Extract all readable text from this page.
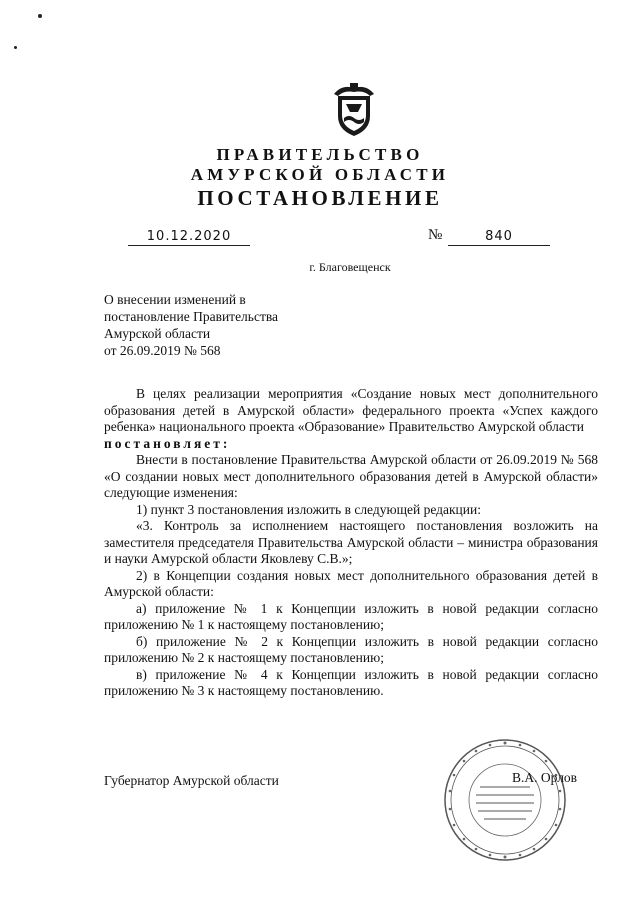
ПРАВИТЕЛЬСТВО
АМУРСКОЙ ОБЛАСТИ
ПОСТАНОВЛЕНИЕ
10.12.2020	№	840
г. Благовещенск
О внесении изменений в
постановление Правительства
Амурской области
от 26.09.2019 № 568

В целях реализации мероприятия «Создание новых мест дополнительного образования детей в Амурской области» федерального проекта «Успех каждого ребенка» национального проекта «Образование» Правительство Амурской области

постановляет:

Внести в постановление Правительства Амурской области от 26.09.2019 № 568 «О создании новых мест дополнительного образования детей в Амурской области» следующие изменения:

1) пункт 3 постановления изложить в следующей редакции:

«3. Контроль за исполнением настоящего постановления возложить на заместителя председателя Правительства Амурской области – министра образования и науки Амурской области Яковлеву С.В.»;

2) в Концепции создания новых мест дополнительного образования детей в Амурской области:

а) приложение № 1 к Концепции изложить в новой редакции согласно приложению № 1 к настоящему постановлению;

б) приложение № 2 к Концепции изложить в новой редакции согласно приложению № 2 к настоящему постановлению;

в) приложение № 4 к Концепции изложить в новой редакции согласно приложению № 3 к настоящему постановлению.

Губернатор Амурской области	В.А. Орлов
